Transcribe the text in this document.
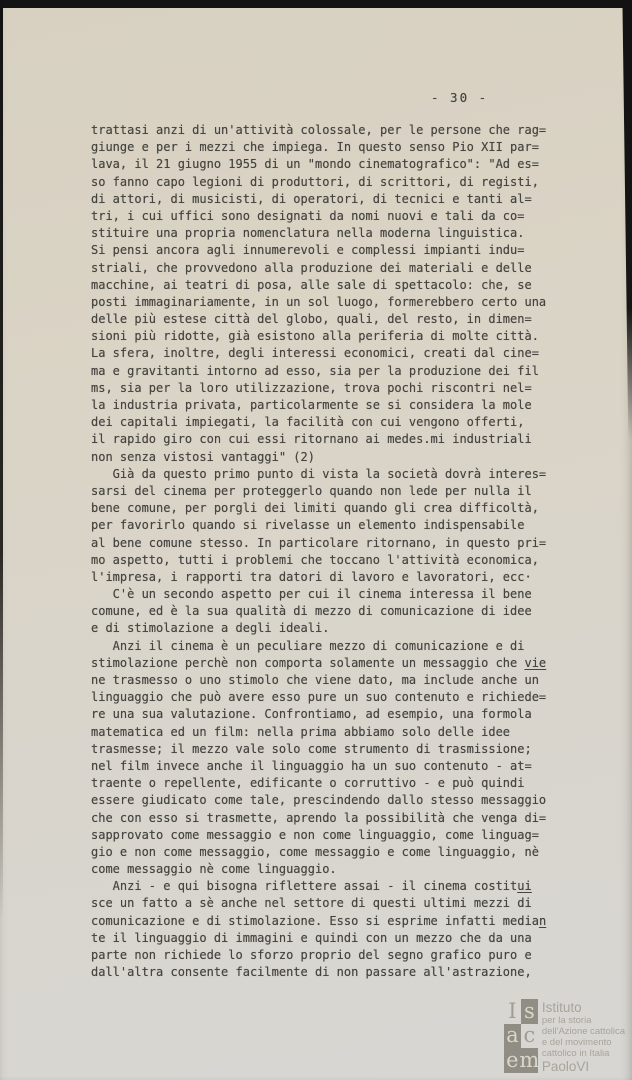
- 30 -
trattasi anzi di un'attività colossale, per le persone che rag=
giunge e per i mezzi che impiega. In questo senso Pio XII par=
lava, il 21 giugno 1955 di un "mondo cinematografico": "Ad es=
so fanno capo legioni di produttori, di scrittori, di registi,
di attori, di musicisti, di operatori, di tecnici e tanti al=
tri, i cui uffici sono designati da nomi nuovi e tali da co=
stituire una propria nomenclatura nella moderna linguistica.
Si pensi ancora agli innumerevoli e complessi impianti indu=
striali, che provvedono alla produzione dei materiali e delle
macchine, ai teatri di posa, alle sale di spettacolo: che, se
posti immaginariamente, in un sol luogo, formerebbero certo una
delle più estese città del globo, quali, del resto, in dimen=
sioni più ridotte, già esistono alla periferia di molte città.
La sfera, inoltre, degli interessi economici, creati dal cine=
ma e gravitanti intorno ad esso, sia per la produzione dei fil
ms, sia per la loro utilizzazione, trova pochi riscontri nel=
la industria privata, particolarmente se si considera la mole
dei capitali impiegati, la facilità con cui vengono offerti,
il rapido giro con cui essi ritornano ai medes.mi industriali
non senza vistosi vantaggi" (2)
Già da questo primo punto di vista la società dovrà interes=
sarsi del cinema per proteggerlo quando non lede per nulla il
bene comune, per porgli dei limiti quando gli crea difficoltà,
per favorirlo quando si rivelasse un elemento indispensabile
al bene comune stesso. In particolare ritornano, in questo pri=
mo aspetto, tutti i problemi che toccano l'attività economica,
l'impresa, i rapporti tra datori di lavoro e lavoratori, ecc·
C'è un secondo aspetto per cui il cinema interessa il bene
comune, ed è la sua qualità di mezzo di comunicazione di idee
e di stimolazione a degli ideali.
Anzi il cinema è un peculiare mezzo di comunicazione e di
stimolazione perchè non comporta solamente un messaggio che vie
ne trasmesso o uno stimolo che viene dato, ma include anche un
linguaggio che può avere esso pure un suo contenuto e richiede=
re una sua valutazione. Confrontiamo, ad esempio, una formola
matematica ed un film: nella prima abbiamo solo delle idee
trasmesse; il mezzo vale solo come strumento di trasmissione;
nel film invece anche il linguaggio ha un suo contenuto - at=
traente o repellente, edificante o corruttivo - e può quindi
essere giudicato come tale, prescindendo dallo stesso messaggio
che con esso si trasmette, aprendo la possibilità che venga di=
sapprovato come messaggio e non come linguaggio, come linguag=
gio e non come messaggio, come messaggio e come linguaggio, nè
come messaggio nè come linguaggio.
Anzi - e qui bisogna riflettere assai - il cinema costitui
sce un fatto a sè anche nel settore di questi ultimi mezzi di
comunicazione e di stimolazione. Esso si esprime infatti median
te il linguaggio di immagini e quindi con un mezzo che da una
parte non richiede lo sforzo proprio del segno grafico puro e
dall'altra consente facilmente di non passare all'astrazione,
I s
a c
e m
Istituto
per la storia
dell'Azione cattolica
e del movimento
cattolico in Italia
PaoloVI
